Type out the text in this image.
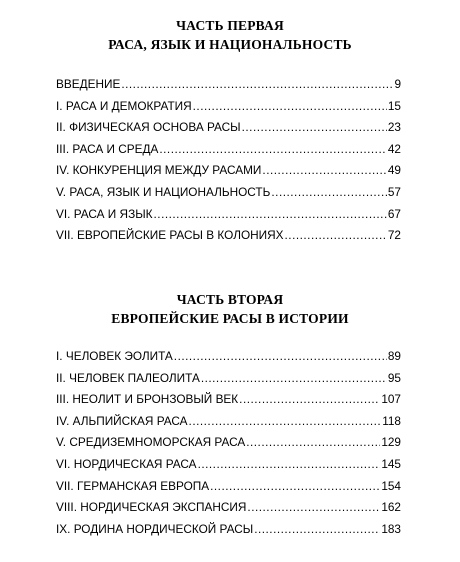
ЧАСТЬ ПЕРВАЯ
РАСА, ЯЗЫК И НАЦИОНАЛЬНОСТЬ
ВВЕДЕНИЕ .....	9
I. РАСА И ДЕМОКРАТИЯ .....	15
II. ФИЗИЧЕСКАЯ ОСНОВА РАСЫ .....	23
III. РАСА И СРЕДА .....	42
IV. КОНКУРЕНЦИЯ МЕЖДУ РАСАМИ .....	49
V. РАСА, ЯЗЫК И НАЦИОНАЛЬНОСТЬ .....	57
VI. РАСА И ЯЗЫК .....	67
VII. ЕВРОПЕЙСКИЕ РАСЫ В КОЛОНИЯХ .....	72
ЧАСТЬ ВТОРАЯ
ЕВРОПЕЙСКИЕ РАСЫ В ИСТОРИИ
I. ЧЕЛОВЕК ЭОЛИТА .....	89
II. ЧЕЛОВЕК ПАЛЕОЛИТА .....	95
III. НЕОЛИТ И БРОНЗОВЫЙ ВЕК .....	107
IV. АЛЬПИЙСКАЯ РАСА .....	118
V. СРЕДИЗЕМНОМОРСКАЯ РАСА .....	129
VI. НОРДИЧЕСКАЯ РАСА .....	145
VII. ГЕРМАНСКАЯ ЕВРОПА .....	154
VIII. НОРДИЧЕСКАЯ ЭКСПАНСИЯ .....	162
IX. РОДИНА НОРДИЧЕСКОЙ РАСЫ .....	183
